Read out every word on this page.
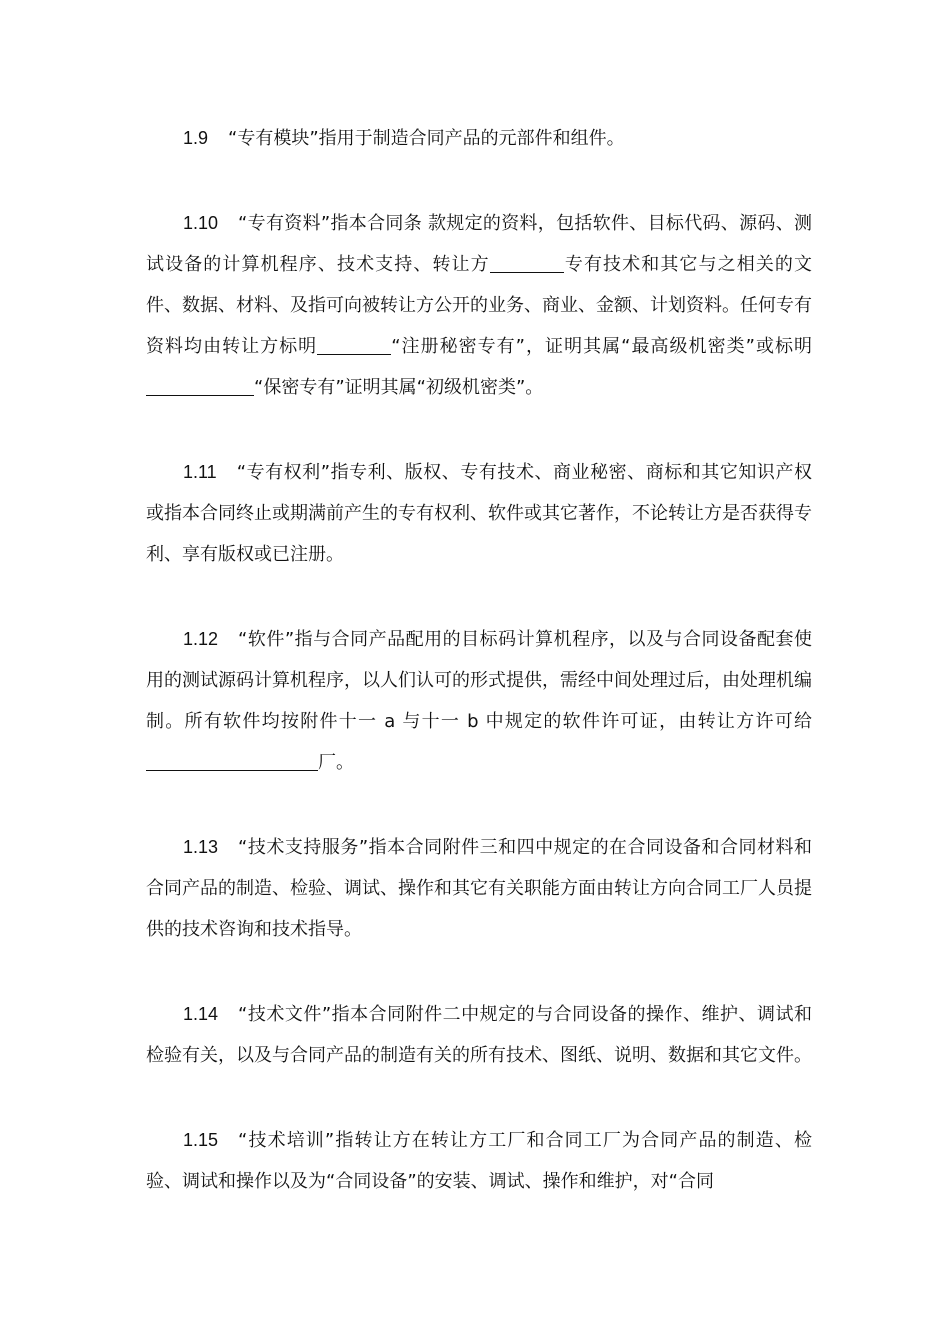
1.9 “专有模块”指用于制造合同产品的元部件和组件。

1.10 “专有资料”指本合同条 款规定的资料，包括软件、目标代码、源码、测试设备的计算机程序、技术支持、转让方	专有技术和其它与之相关的文件、数据、材料、及指可向被转让方公开的业务、商业、金额、计划资料。任何专有资料均由转让方标明	“注册秘密专有”，证明其属“最高级机密类”或标明“保密专有”证明其属“初级机密类”。

1.11 “专有权利”指专利、版权、专有技术、商业秘密、商标和其它知识产权或指本合同终止或期满前产生的专有权利、软件或其它著作，不论转让方是否获得专利、享有版权或已注册。

1.12 “软件”指与合同产品配用的目标码计算机程序，以及与合同设备配套使用的测试源码计算机程序，以人们认可的形式提供，需经中间处理过后，由处理机编制。所有软件均按附件十一 a 与十一 b 中规定的软件许可证，由转让方许可给厂。

1.13 “技术支持服务”指本合同附件三和四中规定的在合同设备和合同材料和合同产品的制造、检验、调试、操作和其它有关职能方面由转让方向合同工厂人员提供的技术咨询和技术指导。

1.14 “技术文件”指本合同附件二中规定的与合同设备的操作、维护、调试和检验有关，以及与合同产品的制造有关的所有技术、图纸、说明、数据和其它文件。

1.15 “技术培训”指转让方在转让方工厂和合同工厂为合同产品的制造、检验、调试和操作以及为“合同设备”的安装、调试、操作和维护，对“合同
